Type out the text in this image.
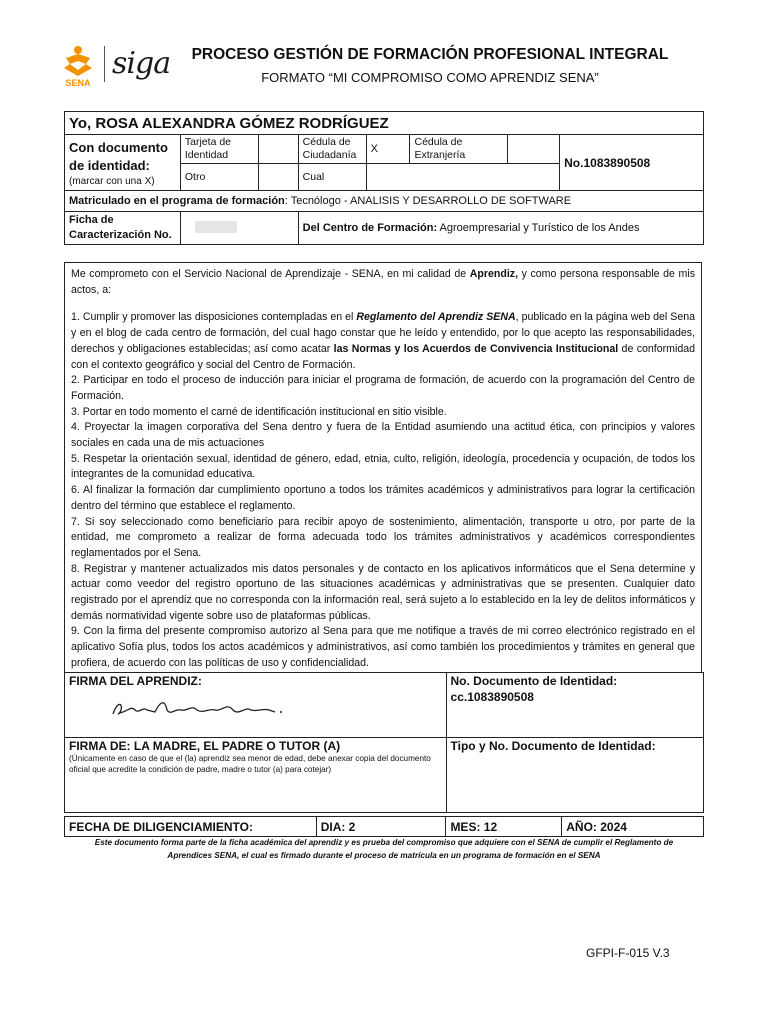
SENA
siga	PROCESO GESTIÓN DE FORMACIÓN PROFESIONAL INTEGRAL
FORMATO “MI COMPROMISO COMO APRENDIZ SENA”
Yo, ROSA ALEXANDRA GÓMEZ RODRÍGUEZ							

Con documento
de identidad:
(marcar con una X)	Tarjeta de Identidad		Cédula de Ciudadanía	X	Cédula de Extranjería		No.1083890508
	Otro		Cual				
Matriculado en el programa de formación: Tecnólogo - ANALISIS Y DESARROLLO DE SOFTWARE							
Ficha de Caracterización No.			Del Centro de Formación: Agroempresarial y Turístico de los Andes				

Me comprometo con el Servicio Nacional de Aprendizaje - SENA, en mi calidad de Aprendiz, y como persona responsable de mis actos, a:

1. Cumplir y promover las disposiciones contempladas en el Reglamento del Aprendiz SENA, publicado en la página web del Sena y en el blog de cada centro de formación, del cual hago constar que he leído y entendido, por lo que acepto las responsabilidades, derechos y obligaciones establecidas; así como acatar las Normas y los Acuerdos de Convivencia Institucional de conformidad con el contexto geográfico y social del Centro de Formación.

2. Participar en todo el proceso de inducción para iniciar el programa de formación, de acuerdo con la programación del Centro de Formación.

3. Portar en todo momento el carné de identificación institucional en sitio visible.

4. Proyectar la imagen corporativa del Sena dentro y fuera de la Entidad asumiendo una actitud ética, con principios y valores sociales en cada una de mis actuaciones

5. Respetar la orientación sexual, identidad de género, edad, etnia, culto, religión, ideología, procedencia y ocupación, de todos los integrantes de la comunidad educativa.

6. Al finalizar la formación dar cumplimiento oportuno a todos los trámites académicos y administrativos para lograr la certificación dentro del término que establece el reglamento.

7. Si soy seleccionado como beneficiario para recibir apoyo de sostenimiento, alimentación, transporte u otro, por parte de la entidad, me comprometo a realizar de forma adecuada todo los trámites administrativos y académicos correspondientes reglamentados por el Sena.

8. Registrar y mantener actualizados mis datos personales y de contacto en los aplicativos informáticos que el Sena determine y actuar como veedor del registro oportuno de las situaciones académicas y administrativas que se presenten. Cualquier dato registrado por el aprendiz que no corresponda con la información real, será sujeto a lo establecido en la ley de delitos informáticos y demás normatividad vigente sobre uso de plataformas públicas.

9. Con la firma del presente compromiso autorizo al Sena para que me notifique a través de mi correo electrónico registrado en el aplicativo Sofía plus, todos los actos académicos y administrativos, así como también los procedimientos y trámites en general que profiera, de acuerdo con las políticas de uso y confidencialidad.

FIRMA DEL APRENDIZ:	No. Documento de Identidad:
cc.1083890508

FIRMA DE: LA MADRE, EL PADRE O TUTOR (A)
(Únicamente en caso de que el (la) aprendiz sea menor de edad, debe anexar copia del documento oficial que acredite la condición de padre, madre o tutor (a) para cotejar)	Tipo y No. Documento de Identidad:
FECHA DE DILIGENCIAMIENTO:	DIA: 2	MES: 12	AÑO: 2024
Este documento forma parte de la ficha académica del aprendiz y es prueba del compromiso que adquiere con el SENA de cumplir el Reglamento de Aprendices SENA, el cual es firmado durante el proceso de matrícula en un programa de formación en el SENA
GFPI-F-015 V.3
